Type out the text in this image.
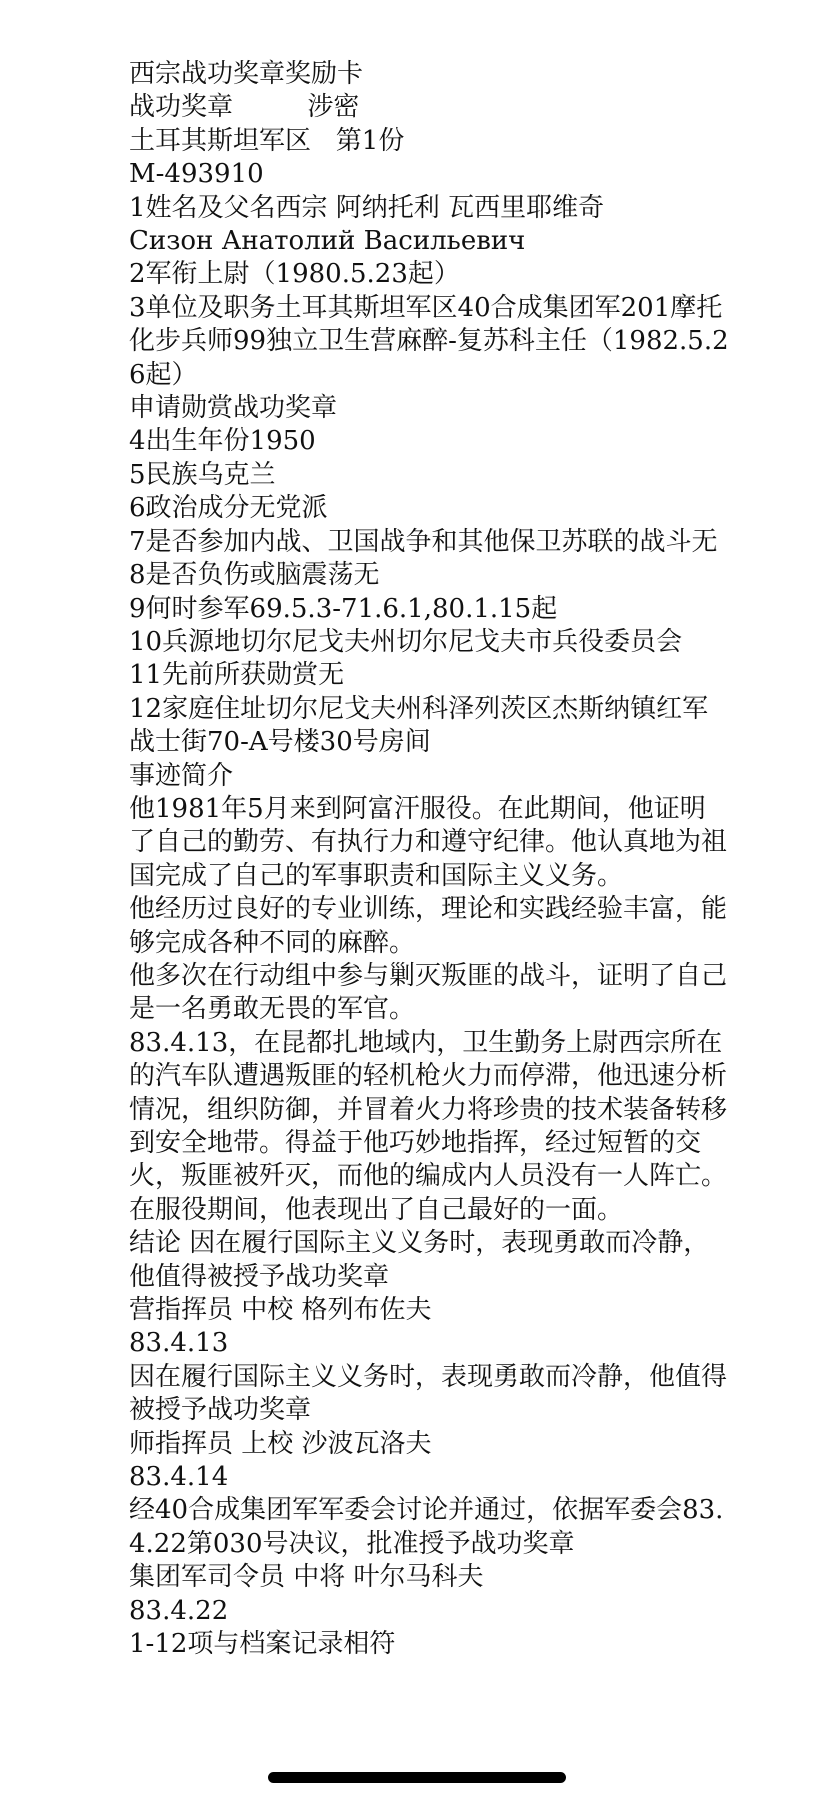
西宗战功奖章奖励卡

战功奖章         涉密

土耳其斯坦军区   第1份

M-493910

1姓名及父名西宗 阿纳托利 瓦西里耶维奇

Сизон Анатолий Васильевич

2军衔上尉（1980.5.23起）

3单位及职务土耳其斯坦军区40合成集团军201摩托化步兵师99独立卫生营麻醉-复苏科主任（1982.5.26起）

申请勋赏战功奖章

4出生年份1950

5民族乌克兰

6政治成分无党派

7是否参加内战、卫国战争和其他保卫苏联的战斗无

8是否负伤或脑震荡无

9何时参军69.5.3-71.6.1,80.1.15起

10兵源地切尔尼戈夫州切尔尼戈夫市兵役委员会

11先前所获勋赏无

12家庭住址切尔尼戈夫州科泽列茨区杰斯纳镇红军战士街70-A号楼30号房间

事迹简介

他1981年5月来到阿富汗服役。在此期间，他证明了自己的勤劳、有执行力和遵守纪律。他认真地为祖国完成了自己的军事职责和国际主义义务。

他经历过良好的专业训练，理论和实践经验丰富，能够完成各种不同的麻醉。

他多次在行动组中参与剿灭叛匪的战斗，证明了自己是一名勇敢无畏的军官。

83.4.13，在昆都扎地域内，卫生勤务上尉西宗所在的汽车队遭遇叛匪的轻机枪火力而停滞，他迅速分析情况，组织防御，并冒着火力将珍贵的技术装备转移到安全地带。得益于他巧妙地指挥，经过短暂的交火，叛匪被歼灭，而他的编成内人员没有一人阵亡。

在服役期间，他表现出了自己最好的一面。

结论 因在履行国际主义义务时，表现勇敢而冷静，他值得被授予战功奖章

营指挥员 中校 格列布佐夫

83.4.13

因在履行国际主义义务时，表现勇敢而冷静，他值得被授予战功奖章

师指挥员 上校 沙波瓦洛夫

83.4.14

经40合成集团军军委会讨论并通过，依据军委会83.4.22第030号决议，批准授予战功奖章

集团军司令员 中将 叶尔马科夫

83.4.22

1-12项与档案记录相符
